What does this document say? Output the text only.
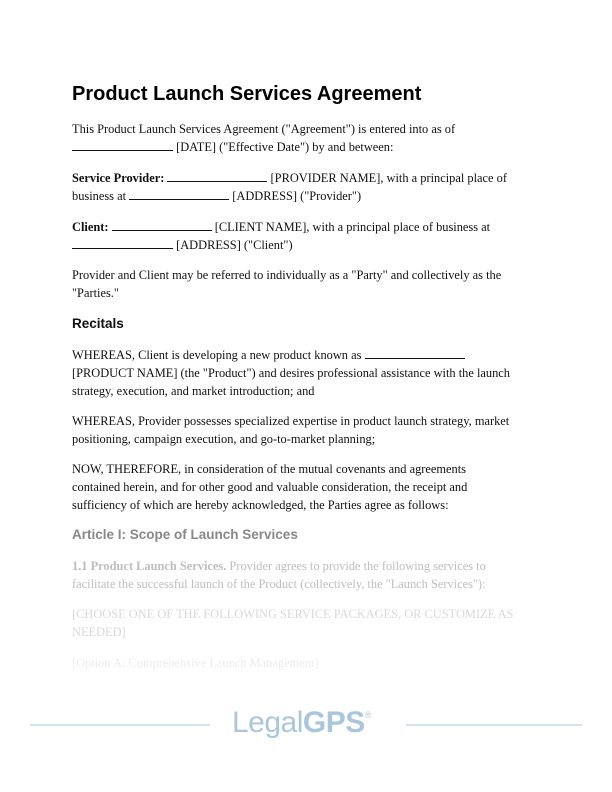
Product Launch Services Agreement
This Product Launch Services Agreement ("Agreement") is entered into as of
[DATE] ("Effective Date") by and between:
Service Provider:	[PROVIDER NAME], with a principal place of
business at	[ADDRESS] ("Provider")
Client:	[CLIENT NAME], with a principal place of business at
[ADDRESS] ("Client")
Provider and Client may be referred to individually as a "Party" and collectively as the
"Parties."
Recitals
WHEREAS, Client is developing a new product known as
[PRODUCT NAME] (the "Product") and desires professional assistance with the launch
strategy, execution, and market introduction; and
WHEREAS, Provider possesses specialized expertise in product launch strategy, market
positioning, campaign execution, and go-to-market planning;
NOW, THEREFORE, in consideration of the mutual covenants and agreements
contained herein, and for other good and valuable consideration, the receipt and
sufficiency of which are hereby acknowledged, the Parties agree as follows:
Article I: Scope of Launch Services
1.1 Product Launch Services. Provider agrees to provide the following services to
facilitate the successful launch of the Product (collectively, the "Launch Services"):
[CHOOSE ONE OF THE FOLLOWING SERVICE PACKAGES, OR CUSTOMIZE AS
NEEDED]
[Option A: Comprehensive Launch Management]
LegalGPS®
